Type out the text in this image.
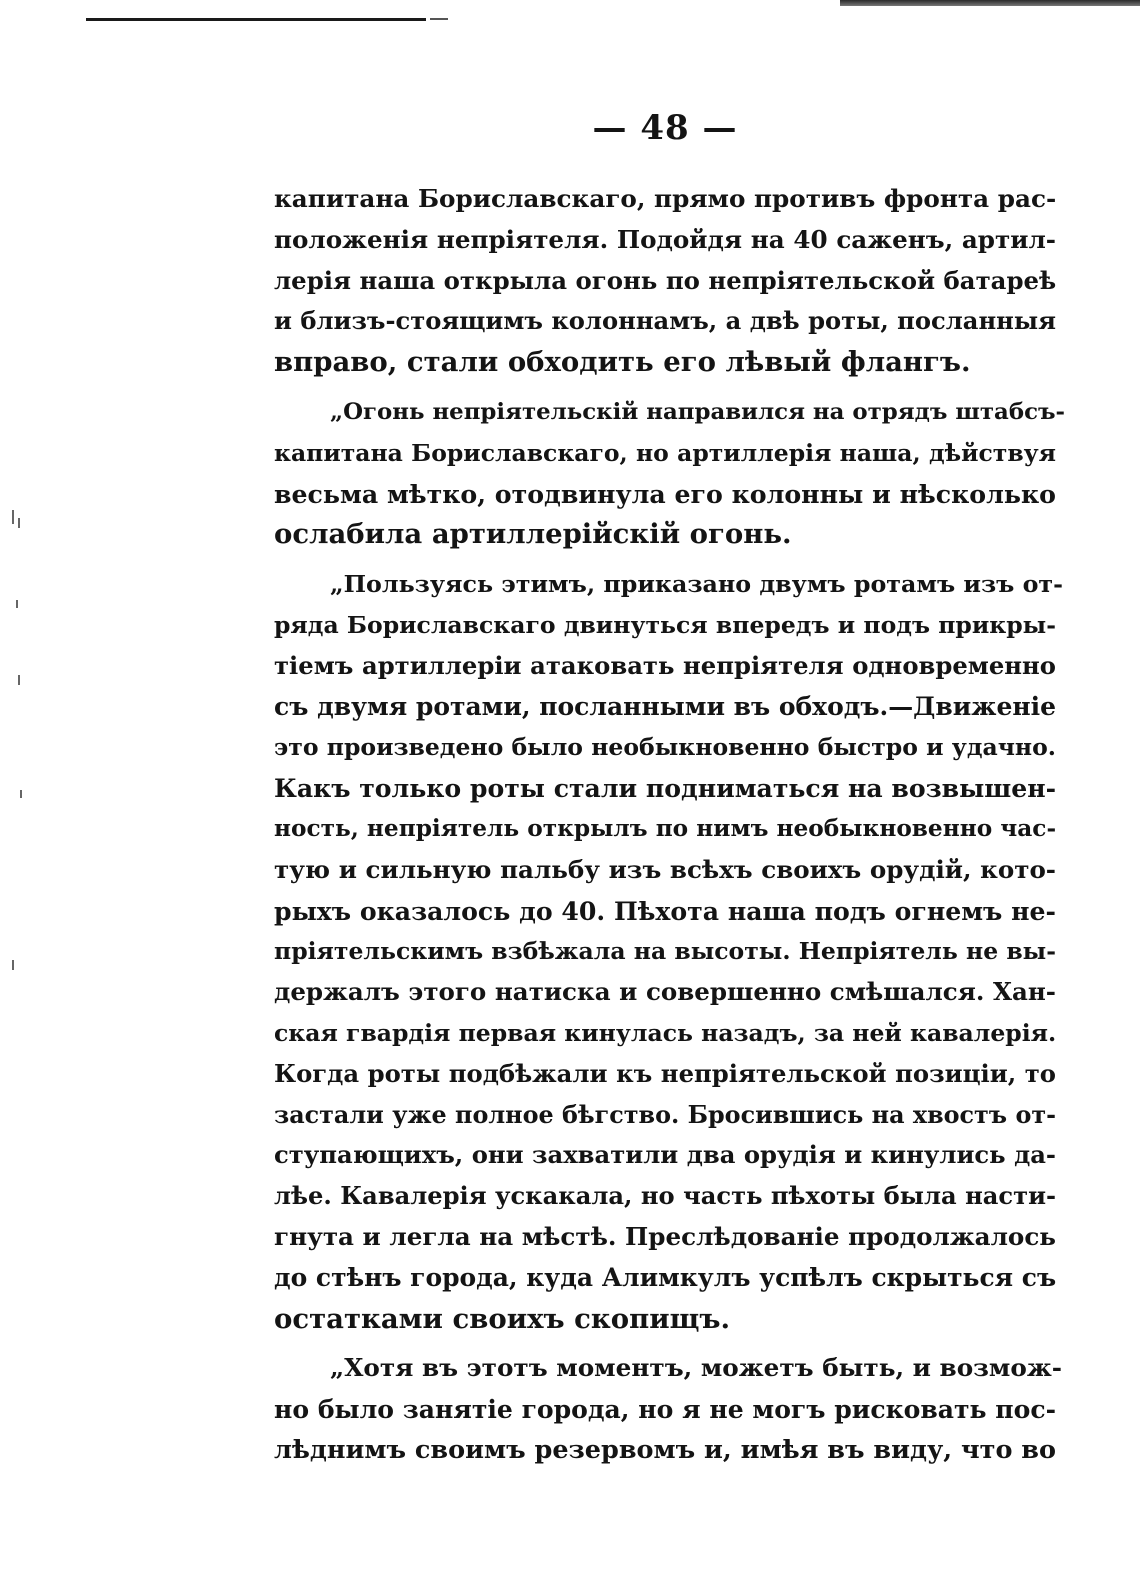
— 48 —

капитана Бориславскаго, прямо противъ фронта рас-
положенія непріятеля. Подойдя на 40 саженъ, артил-
лерія наша открыла огонь по непріятельской батареѣ
и близъ-стоящимъ колоннамъ, а двѣ роты, посланныя
вправо, стали обходить его лѣвый флангъ.

„Огонь непріятельскій направился на отрядъ штабсъ-
капитана Бориславскаго, но артиллерія наша, дѣйствуя
весьма мѣтко, отодвинула его колонны и нѣсколько
ослабила артиллерійскій огонь.

„Пользуясь этимъ, приказано двумъ ротамъ изъ от-
ряда Бориславскаго двинуться впередъ и подъ прикры-
тіемъ артиллеріи атаковать непріятеля одновременно
съ двумя ротами, посланными въ обходъ.—Движеніе
это произведено было необыкновенно быстро и удачно.
Какъ только роты стали подниматься на возвышен-
ность, непріятель открылъ по нимъ необыкновенно час-
тую и сильную пальбу изъ всѣхъ своихъ орудій, кото-
рыхъ оказалось до 40. Пѣхота наша подъ огнемъ не-
пріятельскимъ взбѣжала на высоты. Непріятель не вы-
держалъ этого натиска и совершенно смѣшался. Хан-
ская гвардія первая кинулась назадъ, за ней кавалерія.
Когда роты подбѣжали къ непріятельской позиціи, то
застали уже полное бѣгство. Бросившись на хвостъ от-
ступающихъ, они захватили два орудія и кинулись да-
лѣе. Кавалерія ускакала, но часть пѣхоты была насти-
гнута и легла на мѣстѣ. Преслѣдованіе продолжалось
до стѣнъ города, куда Алимкулъ успѣлъ скрыться съ
остатками своихъ скопищъ.

„Хотя въ этотъ моментъ, можетъ быть, и возмож-
но было занятіе города, но я не могъ рисковать пос-
лѣднимъ своимъ резервомъ и, имѣя въ виду, что во
